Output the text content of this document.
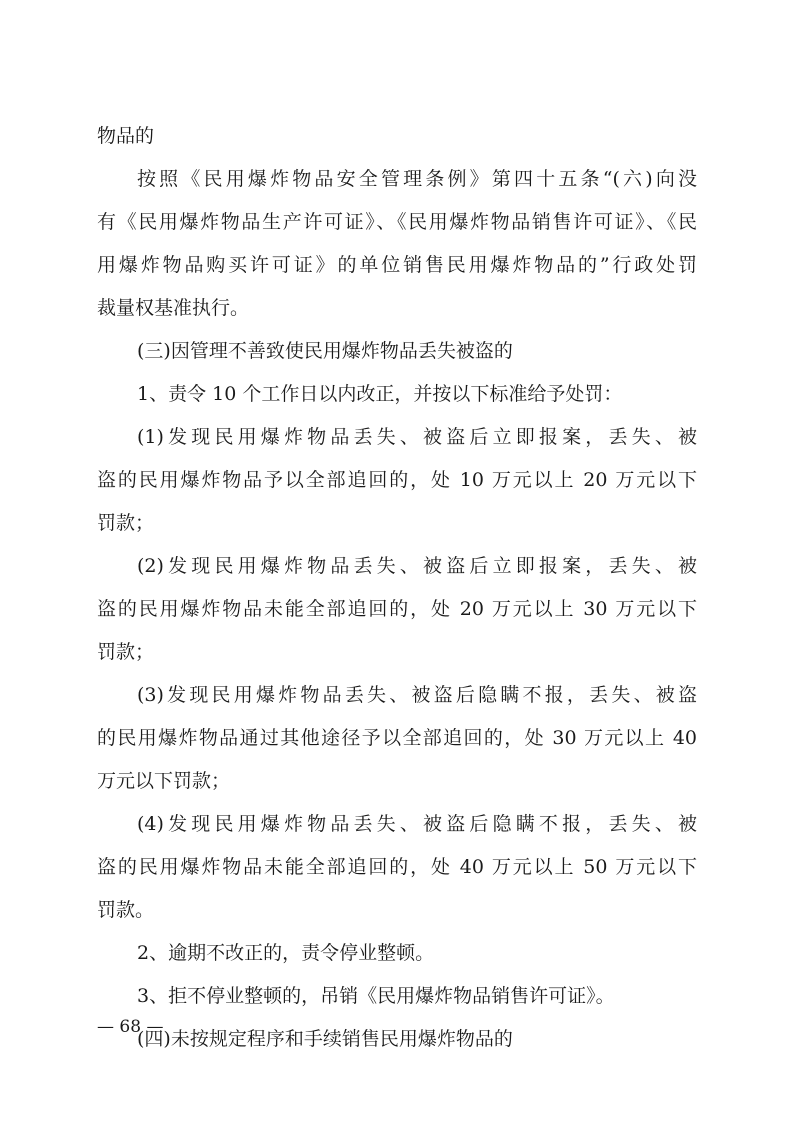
物品的

按照《民用爆炸物品安全管理条例》第四十五条“(六)向没

有《民用爆炸物品生产许可证》、《民用爆炸物品销售许可证》、《民

用爆炸物品购买许可证》的单位销售民用爆炸物品的”行政处罚

裁量权基准执行。

(三)因管理不善致使民用爆炸物品丢失被盗的

1、责令 10 个工作日以内改正，并按以下标准给予处罚：

(1)发现民用爆炸物品丢失、被盗后立即报案，丢失、被

盗的民用爆炸物品予以全部追回的，处 10 万元以上 20 万元以下

罚款；

(2)发现民用爆炸物品丢失、被盗后立即报案，丢失、被

盗的民用爆炸物品未能全部追回的，处 20 万元以上 30 万元以下

罚款；

(3)发现民用爆炸物品丢失、被盗后隐瞒不报，丢失、被盗

的民用爆炸物品通过其他途径予以全部追回的，处 30 万元以上 40

万元以下罚款；

(4)发现民用爆炸物品丢失、被盗后隐瞒不报，丢失、被

盗的民用爆炸物品未能全部追回的，处 40 万元以上 50 万元以下

罚款。

2、逾期不改正的，责令停业整顿。

3、拒不停业整顿的，吊销《民用爆炸物品销售许可证》。

(四)未按规定程序和手续销售民用爆炸物品的

— 68 —
